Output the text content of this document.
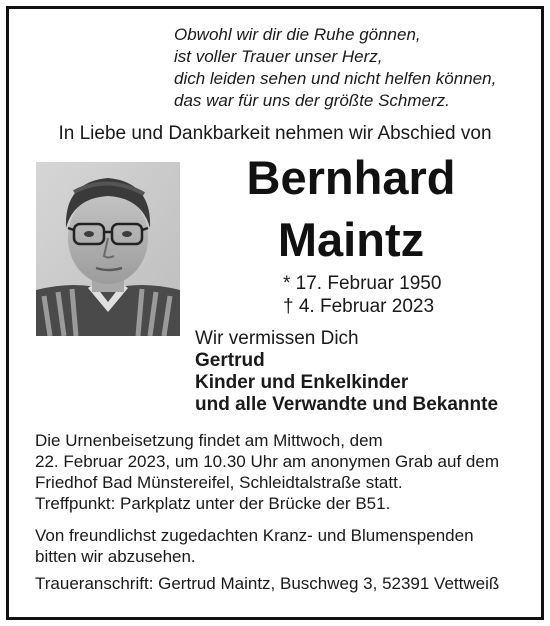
Obwohl wir dir die Ruhe gönnen,
ist voller Trauer unser Herz,
dich leiden sehen und nicht helfen können,
das war für uns der größte Schmerz.
In Liebe und Dankbarkeit nehmen wir Abschied von
Bernhard
Maintz
* 17. Februar 1950
† 4. Februar 2023
Wir vermissen Dich
Gertrud
Kinder und Enkelkinder
und alle Verwandte und Bekannte
Die Urnenbeisetzung findet am Mittwoch, dem
22. Februar 2023, um 10.30 Uhr am anonymen Grab auf dem
Friedhof Bad Münstereifel, Schleidtalstraße statt.
Treffpunkt: Parkplatz unter der Brücke der B51.
Von freundlichst zugedachten Kranz- und Blumenspenden
bitten wir abzusehen.
Traueranschrift: Gertrud Maintz, Buschweg 3, 52391 Vettweiß
